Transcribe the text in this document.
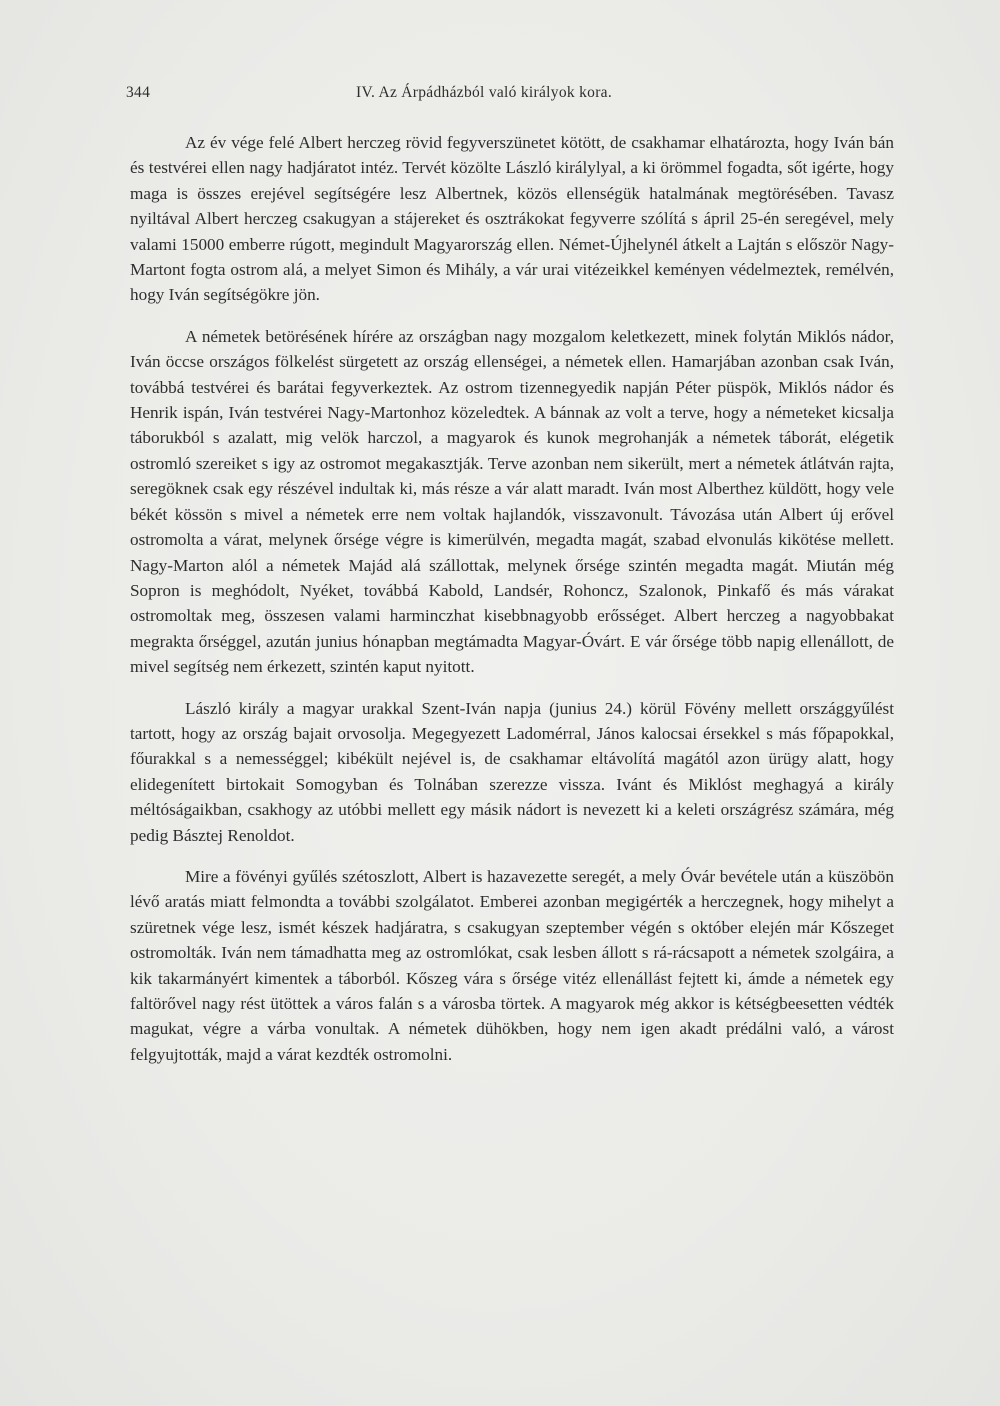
344	IV. Az Árpádházból való királyok kora.

Az év vége felé Albert herczeg rövid fegyverszünetet kötött, de csakhamar elhatározta, hogy Iván bán és testvérei ellen nagy hadjáratot intéz. Tervét közölte László királylyal, a ki örömmel fogadta, sőt igérte, hogy maga is összes erejével segítségére lesz Albertnek, közös ellenségük hatalmának megtörésében. Tavasz nyiltával Albert herczeg csakugyan a stájereket és osztrákokat fegyverre szólítá s ápril 25-én seregével, mely valami 15000 emberre rúgott, megindult Magyarország ellen. Német-Újhelynél átkelt a Lajtán s először Nagy-Martont fogta ostrom alá, a melyet Simon és Mihály, a vár urai vitézeikkel keményen védelmeztek, remélvén, hogy Iván segítségökre jön.

A németek betörésének hírére az országban nagy mozgalom keletkezett, minek folytán Miklós nádor, Iván öccse országos fölkelést sürgetett az ország ellenségei, a németek ellen. Hamarjában azonban csak Iván, továbbá testvérei és barátai fegyverkeztek. Az ostrom tizennegyedik napján Péter püspök, Miklós nádor és Henrik ispán, Iván testvérei Nagy-Martonhoz közeledtek. A bánnak az volt a terve, hogy a németeket kicsalja táborukból s azalatt, mig velök harczol, a magyarok és kunok megrohanják a németek táborát, elégetik ostromló szereiket s igy az ostromot megakasztják. Terve azonban nem sikerült, mert a németek átlátván rajta, seregöknek csak egy részével indultak ki, más része a vár alatt maradt. Iván most Alberthez küldött, hogy vele békét kössön s mivel a németek erre nem voltak hajlandók, visszavonult. Távozása után Albert új erővel ostromolta a várat, melynek őrsége végre is kimerülvén, megadta magát, szabad elvonulás kikötése mellett. Nagy-Marton alól a németek Majád alá szállottak, melynek őrsége szintén megadta magát. Miután még Sopron is meghódolt, Nyéket, továbbá Kabold, Landsér, Rohoncz, Szalonok, Pinkafő és más várakat ostromoltak meg, összesen valami harminczhat kisebbnagyobb erősséget. Albert herczeg a nagyobbakat megrakta őrséggel, azután junius hónapban megtámadta Magyar-Óvárt. E vár őrsége több napig ellenállott, de mivel segítség nem érkezett, szintén kaput nyitott.

László király a magyar urakkal Szent-Iván napja (junius 24.) körül Fövény mellett országgyűlést tartott, hogy az ország bajait orvosolja. Megegyezett Ladomérral, János kalocsai érsekkel s más főpapokkal, főurakkal s a nemességgel; kibékült nejével is, de csakhamar eltávolítá magától azon ürügy alatt, hogy elidegenített birtokait Somogyban és Tolnában szerezze vissza. Ivánt és Miklóst meghagyá a király méltóságaikban, csakhogy az utóbbi mellett egy másik nádort is nevezett ki a keleti országrész számára, még pedig Básztej Renoldot.

Mire a fövényi gyűlés szétoszlott, Albert is hazavezette seregét, a mely Óvár bevétele után a küszöbön lévő aratás miatt felmondta a további szolgálatot. Emberei azonban megigérték a herczegnek, hogy mihelyt a szüretnek vége lesz, ismét készek hadjáratra, s csakugyan szeptember végén s október elején már Kőszeget ostromolták. Iván nem támadhatta meg az ostromlókat, csak lesben állott s rá-rácsapott a németek szolgáira, a kik takarmányért kimentek a táborból. Kőszeg vára s őrsége vitéz ellenállást fejtett ki, ámde a németek egy faltörővel nagy rést ütöttek a város falán s a városba törtek. A magyarok még akkor is kétségbeesetten védték magukat, végre a várba vonultak. A németek dühökben, hogy nem igen akadt prédálni való, a várost felgyujtották, majd a várat kezdték ostromolni.
